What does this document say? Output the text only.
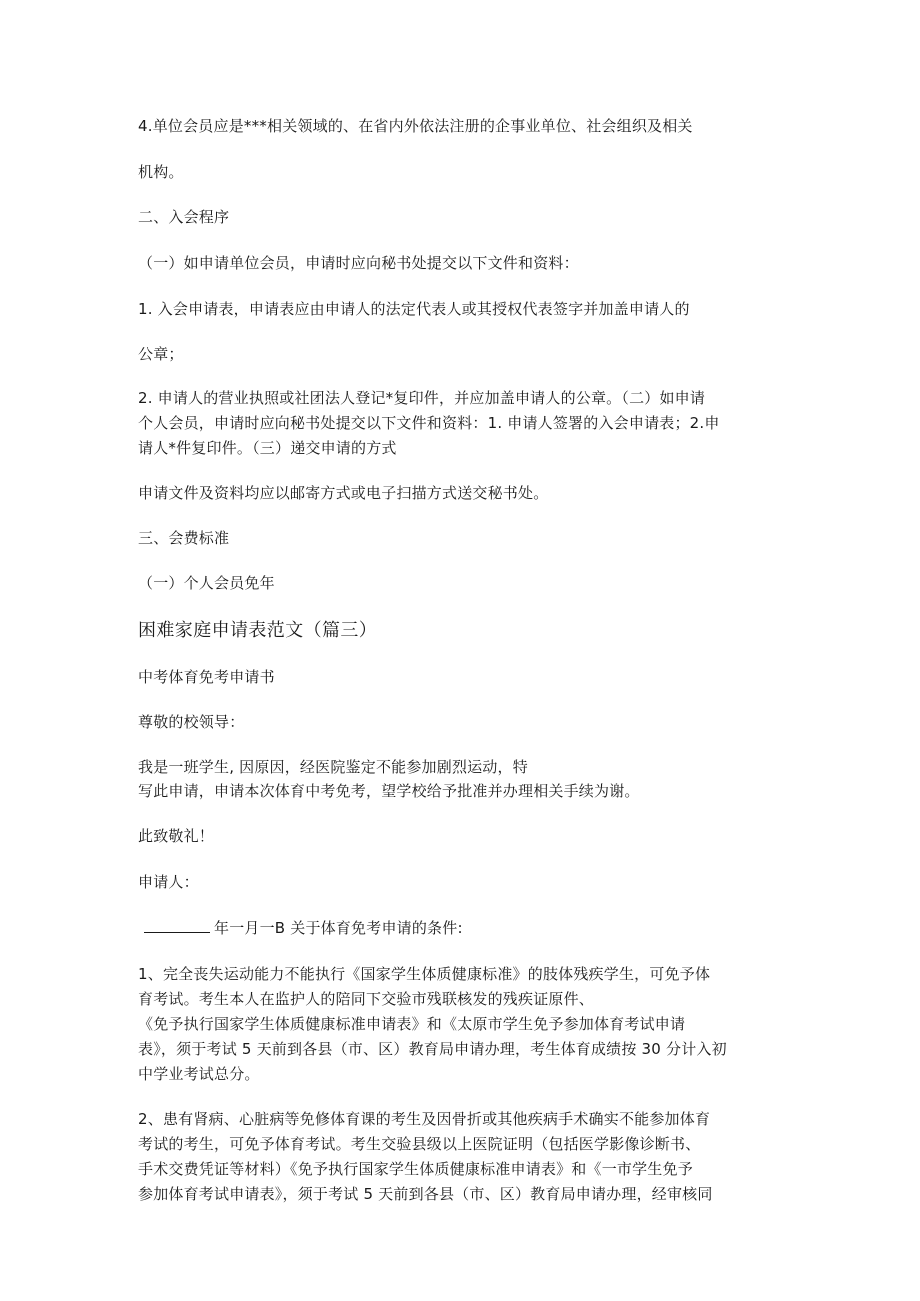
4.单位会员应是***相关领域的、在省内外依法注册的企事业单位、社会组织及相关
机构。
二、入会程序
（一）如申请单位会员，申请时应向秘书处提交以下文件和资料：
1. 入会申请表，申请表应由申请人的法定代表人或其授权代表签字并加盖申请人的
公章；
2. 申请人的营业执照或社团法人登记*复印件，并应加盖申请人的公章。（二）如申请
个人会员，申请时应向秘书处提交以下文件和资料：1. 申请人签署的入会申请表；2.申
请人*件复印件。（三）递交申请的方式
申请文件及资料均应以邮寄方式或电子扫描方式送交秘书处。
三、会费标准
（一）个人会员免年
困难家庭申请表范文（篇三）
中考体育免考申请书
尊敬的校领导：
我是一班学生, 因原因，经医院鉴定不能参加剧烈运动，特
写此申请，申请本次体育中考免考，望学校给予批准并办理相关手续为谢。
此致敬礼！
申请人：
年一月一B 关于体育免考申请的条件:
1、完全丧失运动能力不能执行《国家学生体质健康标准》的肢体残疾学生，可免予体
育考试。考生本人在监护人的陪同下交验市残联核发的残疾证原件、
《免予执行国家学生体质健康标准申请表》和《太原市学生免予参加体育考试申请
表》，须于考试 5 天前到各县（市、区）教育局申请办理，考生体育成绩按 30 分计入初
中学业考试总分。
2、患有肾病、心脏病等免修体育课的考生及因骨折或其他疾病手术确实不能参加体育
考试的考生，可免予体育考试。考生交验县级以上医院证明（包括医学影像诊断书、
手术交费凭证等材料）《免予执行国家学生体质健康标准申请表》和《一市学生免予
参加体育考试申请表》，须于考试 5 天前到各县（市、区）教育局申请办理，经审核同
